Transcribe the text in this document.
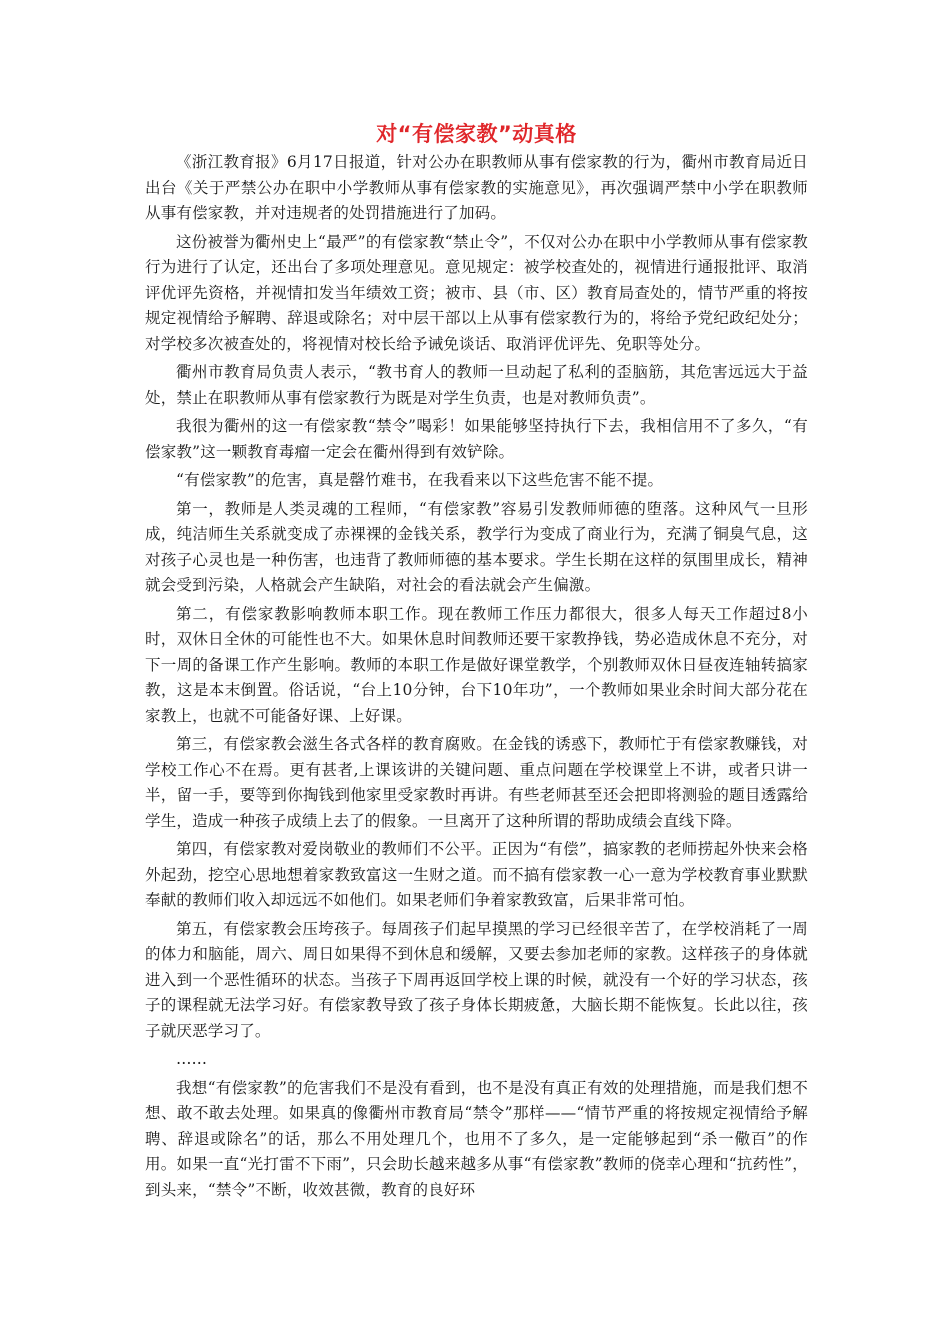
对“有偿家教”动真格

《浙江教育报》6月17日报道，针对公办在职教师从事有偿家教的行为，衢州市教育局近日出台《关于严禁公办在职中小学教师从事有偿家教的实施意见》，再次强调严禁中小学在职教师从事有偿家教，并对违规者的处罚措施进行了加码。

这份被誉为衢州史上“最严”的有偿家教“禁止令”，不仅对公办在职中小学教师从事有偿家教行为进行了认定，还出台了多项处理意见。意见规定：被学校查处的，视情进行通报批评、取消评优评先资格，并视情扣发当年绩效工资；被市、县（市、区）教育局查处的，情节严重的将按规定视情给予解聘、辞退或除名；对中层干部以上从事有偿家教行为的，将给予党纪政纪处分；对学校多次被查处的，将视情对校长给予诫免谈话、取消评优评先、免职等处分。

衢州市教育局负责人表示，“教书育人的教师一旦动起了私利的歪脑筋，其危害远远大于益处，禁止在职教师从事有偿家教行为既是对学生负责，也是对教师负责”。

我很为衢州的这一有偿家教“禁令”喝彩！如果能够坚持执行下去，我相信用不了多久，“有偿家教”这一颗教育毒瘤一定会在衢州得到有效铲除。

“有偿家教”的危害，真是罄竹难书，在我看来以下这些危害不能不提。

第一，教师是人类灵魂的工程师，“有偿家教”容易引发教师师德的堕落。这种风气一旦形成，纯洁师生关系就变成了赤裸裸的金钱关系，教学行为变成了商业行为，充满了铜臭气息，这对孩子心灵也是一种伤害，也违背了教师师德的基本要求。学生长期在这样的氛围里成长，精神就会受到污染，人格就会产生缺陷，对社会的看法就会产生偏激。

第二，有偿家教影响教师本职工作。现在教师工作压力都很大，很多人每天工作超过8小时，双休日全休的可能性也不大。如果休息时间教师还要干家教挣钱，势必造成休息不充分，对下一周的备课工作产生影响。教师的本职工作是做好课堂教学，个别教师双休日昼夜连轴转搞家教，这是本末倒置。俗话说，“台上10分钟，台下10年功”，一个教师如果业余时间大部分花在家教上，也就不可能备好课、上好课。

第三，有偿家教会滋生各式各样的教育腐败。在金钱的诱惑下，教师忙于有偿家教赚钱，对学校工作心不在焉。更有甚者,上课该讲的关键问题、重点问题在学校课堂上不讲，或者只讲一半，留一手，要等到你掏钱到他家里受家教时再讲。有些老师甚至还会把即将测验的题目透露给学生，造成一种孩子成绩上去了的假象。一旦离开了这种所谓的帮助成绩会直线下降。

第四，有偿家教对爱岗敬业的教师们不公平。正因为“有偿”，搞家教的老师捞起外快来会格外起劲，挖空心思地想着家教致富这一生财之道。而不搞有偿家教一心一意为学校教育事业默默奉献的教师们收入却远远不如他们。如果老师们争着家教致富，后果非常可怕。

第五，有偿家教会压垮孩子。每周孩子们起早摸黑的学习已经很辛苦了，在学校消耗了一周的体力和脑能，周六、周日如果得不到休息和缓解，又要去参加老师的家教。这样孩子的身体就进入到一个恶性循环的状态。当孩子下周再返回学校上课的时候，就没有一个好的学习状态，孩子的课程就无法学习好。有偿家教导致了孩子身体长期疲惫，大脑长期不能恢复。长此以往，孩子就厌恶学习了。

……

我想“有偿家教”的危害我们不是没有看到，也不是没有真正有效的处理措施，而是我们想不想、敢不敢去处理。如果真的像衢州市教育局“禁令”那样——“情节严重的将按规定视情给予解聘、辞退或除名”的话，那么不用处理几个，也用不了多久，是一定能够起到“杀一儆百”的作用。如果一直“光打雷不下雨”，只会助长越来越多从事“有偿家教”教师的侥幸心理和“抗药性”，到头来，“禁令”不断，收效甚微，教育的良好环
